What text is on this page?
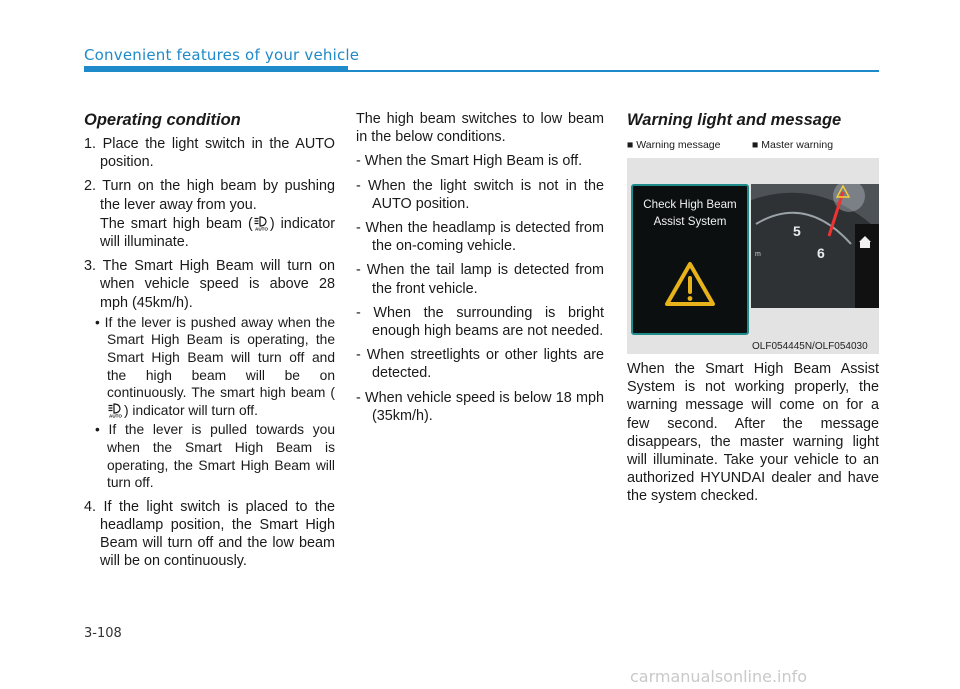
Convenient features of your vehicle
Operating condition
1. Place the light switch in the AUTO position.
2. Turn on the high beam by pushing the lever away from you.
The smart high beam ( AUTO ) indicator will illuminate.
3. The Smart High Beam will turn on when vehicle speed is above 28 mph (45km/h).
• If the lever is pushed away when the Smart High Beam is operating, the Smart High Beam will turn off and the high beam will be on continuously. The smart high beam (
AUTO ) indicator will turn off.
• If the lever is pulled towards you when the Smart High Beam is operating, the Smart High Beam will turn off.
4. If the light switch is placed to the headlamp position, the Smart High Beam will turn off and the low beam will be on continuously.
The high beam switches to low beam in the below conditions.
- When the Smart High Beam is off.
- When the light switch is not in the AUTO position.
- When the headlamp is detected from the on-coming vehicle.
- When the tail lamp is detected from the front vehicle.
- When the surrounding is bright enough high beams are not needed.
- When streetlights or other lights are detected.
- When vehicle speed is below 18 mph (35km/h).
Warning light and message
■ Warning message	■ Master warning
Check High Beam
Assist System
5
6
m
OLF054445N/OLF054030
When the Smart High Beam Assist System is not working properly, the warning message will come on for a few second. After the message disappears, the master warning light will illuminate. Take your vehicle to an authorized HYUNDAI dealer and have the system checked.
3-108
carmanualsonline.info
